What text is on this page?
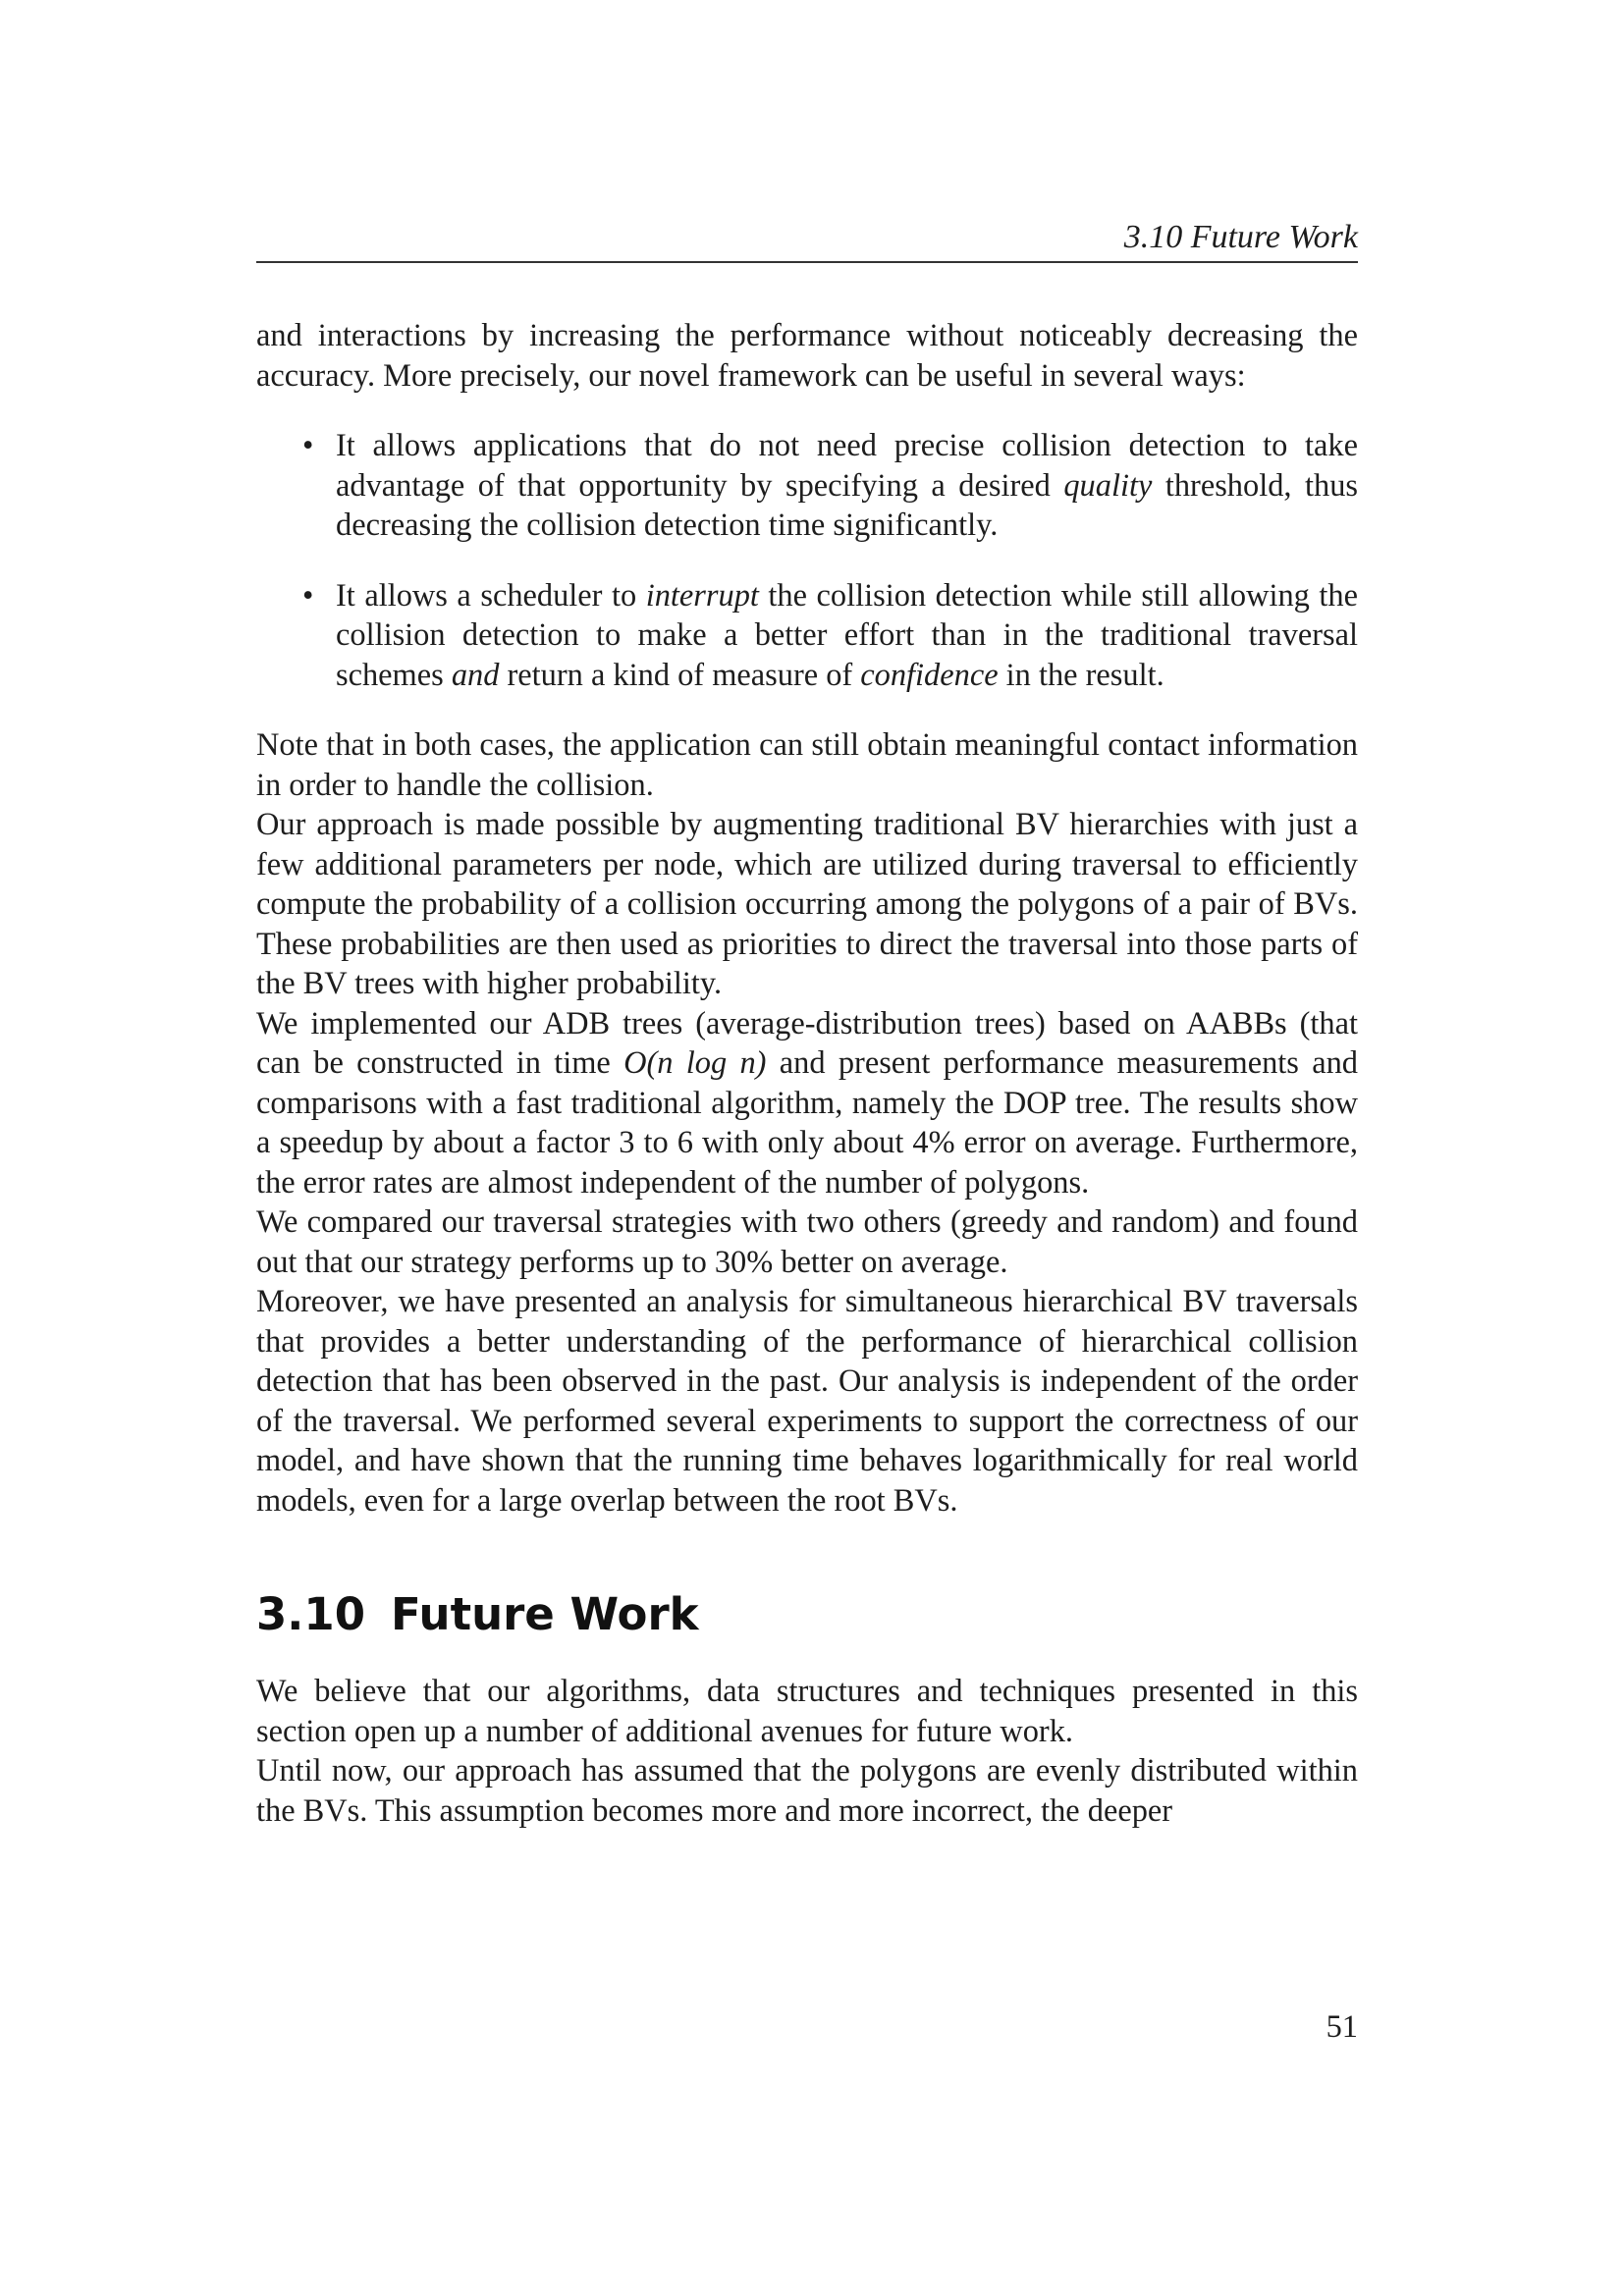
3.10 Future Work

and interactions by increasing the performance without noticeably decreasing the accuracy. More precisely, our novel framework can be useful in several ways:

• It allows applications that do not need precise collision detection to take advantage of that opportunity by specifying a desired quality threshold, thus decreasing the collision detection time significantly.
• It allows a scheduler to interrupt the collision detection while still allowing the collision detection to make a better effort than in the traditional traversal schemes and return a kind of measure of confidence in the result.

Note that in both cases, the application can still obtain meaningful contact information in order to handle the collision.

Our approach is made possible by augmenting traditional BV hierarchies with just a few additional parameters per node, which are utilized during traversal to efficiently compute the probability of a collision occurring among the polygons of a pair of BVs. These probabilities are then used as priorities to direct the traversal into those parts of the BV trees with higher probability.

We implemented our ADB trees (average-distribution trees) based on AABBs (that can be constructed in time O(n log n) and present performance measurements and comparisons with a fast traditional algorithm, namely the DOP tree. The results show a speedup by about a factor 3 to 6 with only about 4% error on average. Furthermore, the error rates are almost independent of the number of polygons.

We compared our traversal strategies with two others (greedy and random) and found out that our strategy performs up to 30% better on average.

Moreover, we have presented an analysis for simultaneous hierarchical BV traversals that provides a better understanding of the performance of hierarchical collision detection that has been observed in the past. Our analysis is independent of the order of the traversal. We performed several experiments to support the correctness of our model, and have shown that the running time behaves logarithmically for real world models, even for a large overlap between the root BVs.

3.10 Future Work

We believe that our algorithms, data structures and techniques presented in this section open up a number of additional avenues for future work.

Until now, our approach has assumed that the polygons are evenly distributed within the BVs. This assumption becomes more and more incorrect, the deeper

51
